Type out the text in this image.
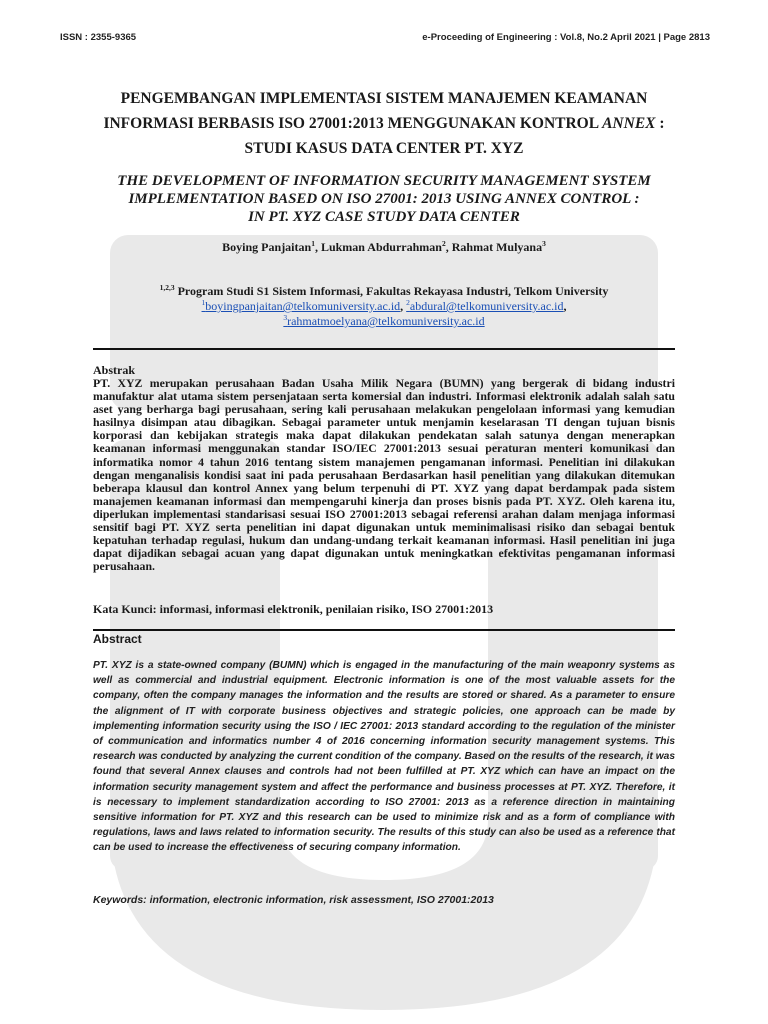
ISSN : 2355-9365	e-Proceeding of Engineering : Vol.8, No.2 April 2021 | Page 2813
PENGEMBANGAN IMPLEMENTASI SISTEM MANAJEMEN KEAMANAN
INFORMASI BERBASIS ISO 27001:2013 MENGGUNAKAN KONTROL ANNEX :
STUDI KASUS DATA CENTER PT. XYZ
THE DEVELOPMENT OF INFORMATION SECURITY MANAGEMENT SYSTEM
IMPLEMENTATION BASED ON ISO 27001: 2013 USING ANNEX CONTROL :
IN PT. XYZ CASE STUDY DATA CENTER
Boying Panjaitan$^1$, Lukman Abdurrahman$^2$, Rahmat Mulyana$^3$
$^{1,2,3}$ Program Studi S1 Sistem Informasi, Fakultas Rekayasa Industri, Telkom University
$^1$boyingpanjaitan@telkomuniversity.ac.id, $^2$abdural@telkomuniversity.ac.id,
$^3$rahmatmoelyana@telkomuniversity.ac.id
Abstrak

PT. XYZ merupakan perusahaan Badan Usaha Milik Negara (BUMN) yang bergerak di bidang industri manufaktur alat utama sistem persenjataan serta komersial dan industri. Informasi elektronik adalah salah satu aset yang berharga bagi perusahaan, sering kali perusahaan melakukan pengelolaan informasi yang kemudian hasilnya disimpan atau dibagikan. Sebagai parameter untuk menjamin keselarasan TI dengan tujuan bisnis korporasi dan kebijakan strategis maka dapat dilakukan pendekatan salah satunya dengan menerapkan keamanan informasi menggunakan standar ISO/IEC 27001:2013 sesuai peraturan menteri komunikasi dan informatika nomor 4 tahun 2016 tentang sistem manajemen pengamanan informasi. Penelitian ini dilakukan dengan menganalisis kondisi saat ini pada perusahaan Berdasarkan hasil penelitian yang dilakukan ditemukan beberapa klausul dan kontrol Annex yang belum terpenuhi di PT. XYZ yang dapat berdampak pada sistem manajemen keamanan informasi dan mempengaruhi kinerja dan proses bisnis pada PT. XYZ. Oleh karena itu, diperlukan implementasi standarisasi sesuai ISO 27001:2013 sebagai referensi arahan dalam menjaga informasi sensitif bagi PT. XYZ serta penelitian ini dapat digunakan untuk meminimalisasi risiko dan sebagai bentuk kepatuhan terhadap regulasi, hukum dan undang-undang terkait keamanan informasi. Hasil penelitian ini juga dapat dijadikan sebagai acuan yang dapat digunakan untuk meningkatkan efektivitas pengamanan informasi perusahaan.

Kata Kunci: informasi, informasi elektronik, penilaian risiko, ISO 27001:2013
Abstract

PT. XYZ is a state-owned company (BUMN) which is engaged in the manufacturing of the main weaponry systems as well as commercial and industrial equipment. Electronic information is one of the most valuable assets for the company, often the company manages the information and the results are stored or shared. As a parameter to ensure the alignment of IT with corporate business objectives and strategic policies, one approach can be made by implementing information security using the ISO / IEC 27001: 2013 standard according to the regulation of the minister of communication and informatics number 4 of 2016 concerning information security management systems. This research was conducted by analyzing the current condition of the company. Based on the results of the research, it was found that several Annex clauses and controls had not been fulfilled at PT. XYZ which can have an impact on the information security management system and affect the performance and business processes at PT. XYZ. Therefore, it is necessary to implement standardization according to ISO 27001: 2013 as a reference direction in maintaining sensitive information for PT. XYZ and this research can be used to minimize risk and as a form of compliance with regulations, laws and laws related to information security. The results of this study can also be used as a reference that can be used to increase the effectiveness of securing company information.

Keywords: information, electronic information, risk assessment, ISO 27001:2013
